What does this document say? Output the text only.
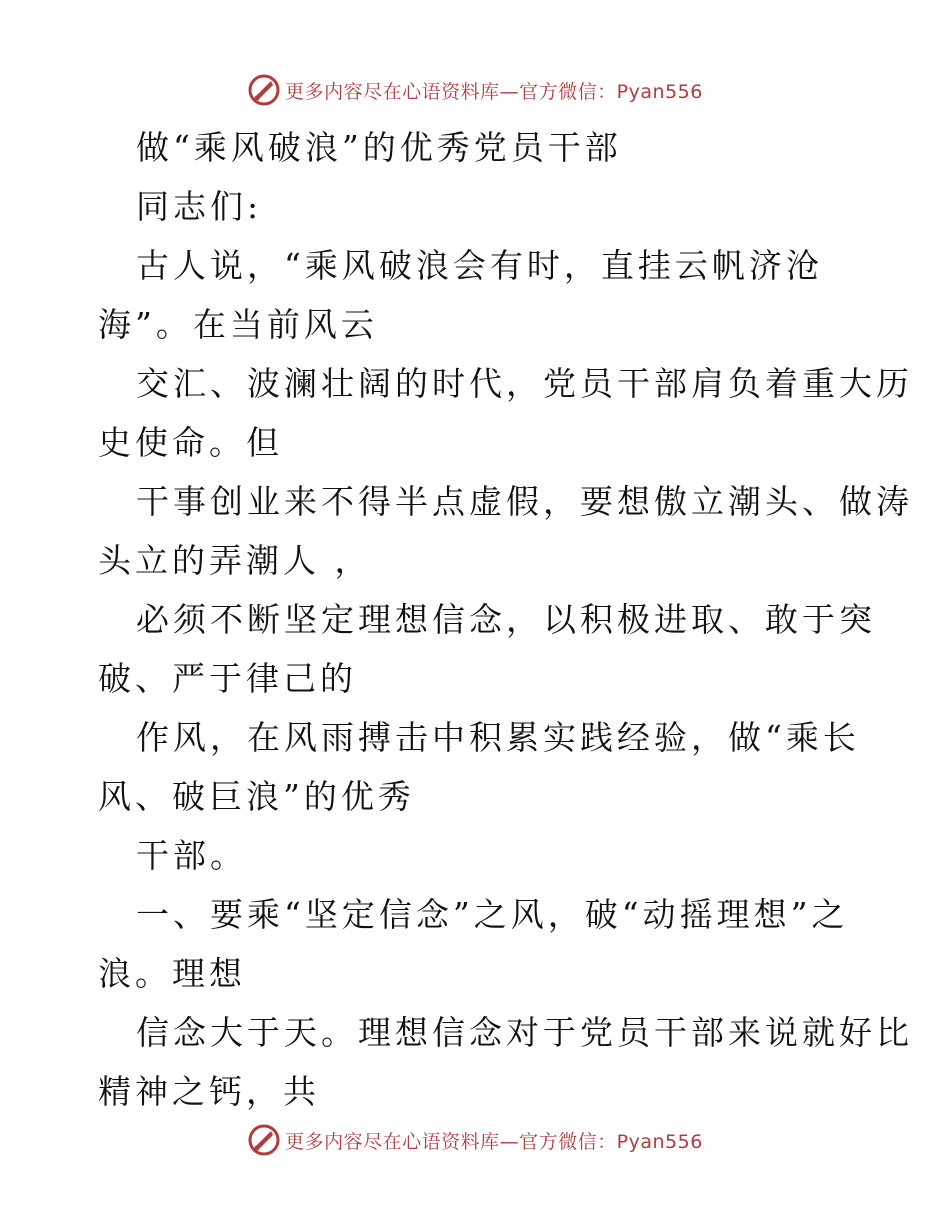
更多内容尽在心语资料库—官方微信：Pyan556
做“乘风破浪”的优秀党员干部
同志们:
古人说，“乘风破浪会有时，直挂云帆济沧
海”。在当前风云
交汇、波澜壮阔的时代，党员干部肩负着重大历
史使命。但
干事创业来不得半点虚假，要想傲立潮头、做涛
头立的弄潮人 ，
必须不断坚定理想信念，以积极进取、敢于突
破、严于律己的
作风，在风雨搏击中积累实践经验，做“乘长
风、破巨浪”的优秀
干部。
一、要乘“坚定信念”之风，破“动摇理想”之
浪。理想
信念大于天。理想信念对于党员干部来说就好比
精神之钙，共
更多内容尽在心语资料库—官方微信：Pyan556
